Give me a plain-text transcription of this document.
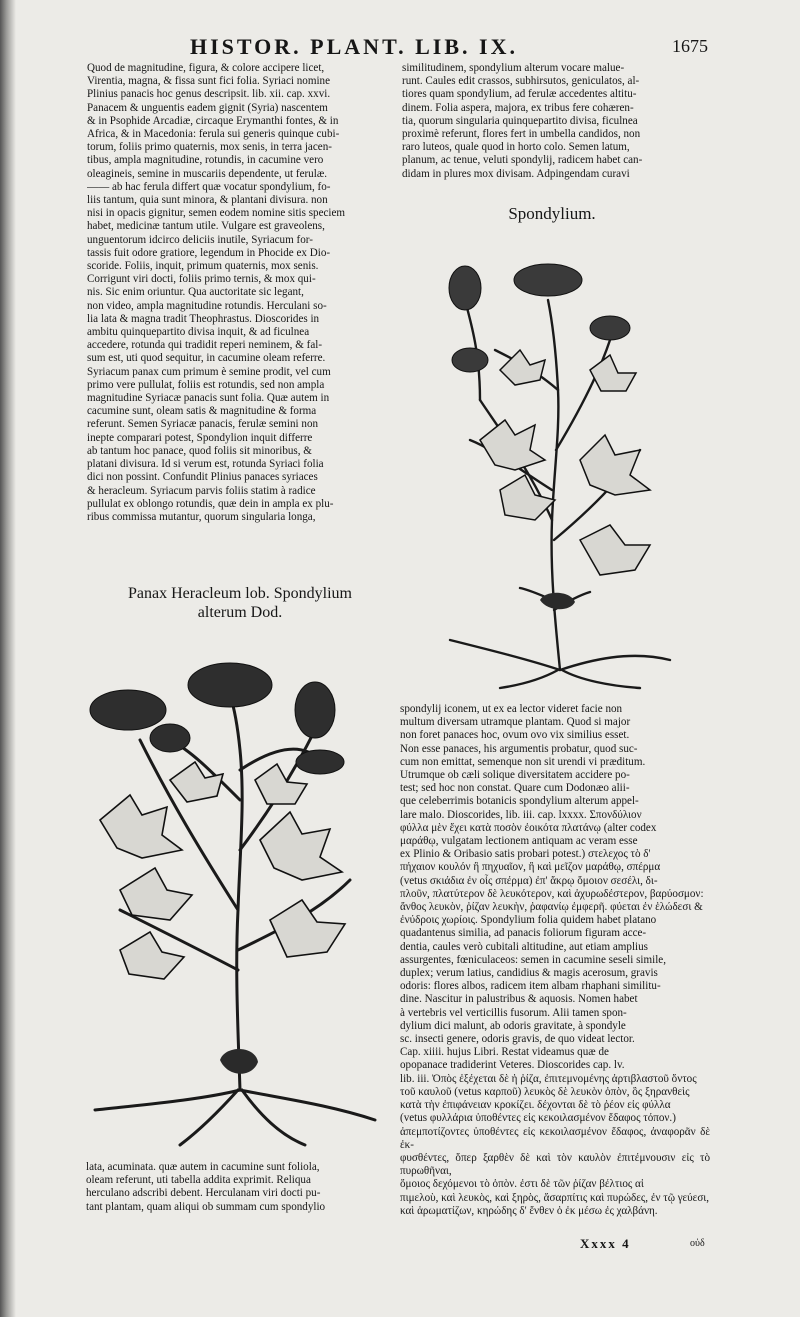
HISTOR. PLANT. LIB. IX.	1675
Quod de magnitudine, figura, & colore accipere licet,
Virentia, magna, & fissa sunt fici folia. Syriaci nomine
Plinius panacis hoc genus descripsit. lib. xii. cap. xxvi.
Panacem & unguentis eadem gignit (Syria) nascentem
& in Psophide Arcadiæ, circaque Erymanthi fontes, & in
Africa, & in Macedonia: ferula sui generis quinque cubi-
torum, foliis primo quaternis, mox senis, in terra jacen-
tibus, ampla magnitudine, rotundis, in cacumine vero
oleagineis, semine in muscariis dependente, ut ferulæ.
—— ab hac ferula differt quæ vocatur spondylium, fo-
liis tantum, quia sunt minora, & plantani divisura. non
nisi in opacis gignitur, semen eodem nomine sitis speciem
habet, medicinæ tantum utile. Vulgare est graveolens,
unguentorum idcirco deliciis inutile, Syriacum for-
tassis fuit odore gratiore, legendum in Phocide ex Dio-
scoride. Foliis, inquit, primum quaternis, mox senis.
Corrigunt viri docti, foliis primo ternis, & mox qui-
nis. Sic enim oriuntur. Qua auctoritate sic legant,
non video, ampla magnitudine rotundis. Herculani so-
lia lata & magna tradit Theophrastus. Dioscorides in
ambitu quinquepartito divisa inquit, & ad ficulnea
accedere, rotunda qui tradidit reperi neminem, & fal-
sum est, uti quod sequitur, in cacumine oleam referre.
Syriacum panax cum primum è semine prodit, vel cum
primo vere pullulat, foliis est rotundis, sed non ampla
magnitudine Syriacæ panacis sunt folia. Quæ autem in
cacumine sunt, oleam satis & magnitudine & forma
referunt. Semen Syriacæ panacis, ferulæ semini non
inepte comparari potest, Spondylion inquit differre
ab tantum hoc panace, quod foliis sit minoribus, &
platani divisura. Id si verum est, rotunda Syriaci folia
dici non possint. Confundit Plinius panaces syriaces
& heracleum. Syriacum parvis foliis statim à radice
pullulat ex oblongo rotundis, quæ dein in ampla ex plu-
ribus commissa mutantur, quorum singularia longa,
similitudinem, spondylium alterum vocare malue-
runt. Caules edit crassos, subhirsutos, geniculatos, al-
tiores quam spondylium, ad ferulæ accedentes altitu-
dinem. Folia aspera, majora, ex tribus fere cohæren-
tia, quorum singularia quinquepartito divisa, ficulnea
proximè referunt, flores fert in umbella candidos, non
raro luteos, quale quod in horto colo. Semen latum,
planum, ac tenue, veluti spondylij, radicem habet can-
didam in plures mox divisam. Adpingendam curavi
Spondylium.
Panax Heracleum lob. Spondylium
alterum Dod.
spondylij iconem, ut ex ea lector videret facie non
multum diversam utramque plantam. Quod si major
non foret panaces hoc, ovum ovo vix similius esset.
Non esse panaces, his argumentis probatur, quod suc-
cum non emittat, semenque non sit urendi vi præditum.
Utrumque ob cæli solique diversitatem accidere po-
test; sed hoc non constat. Quare cum Dodonæo alii-
que celeberrimis botanicis spondylium alterum appel-
lare malo. Dioscorides, lib. iii. cap. lxxxx. Σπονδύλιον
φύλλα μὲν ἔχει κατὰ ποσὸν ἐοικότα πλατάνῳ (alter codex
μαράθῳ, vulgatam lectionem antiquam ac veram esse
ex Plinio & Oribasio satis probari potest.) στελεχος τὸ δ'
πήχαιον κουλόν ἢ πηχυαῖον, ἢ καὶ μεῖζον μαράθῳ, σπέρμα
(vetus σκιάδια ἐν οἷς σπέρμα) ἐπ' ἄκρῳ ὅμοιον σεσέλι, δι-
πλοῦν, πλατύτερον δὲ λευκότερον, καὶ ἀχυρωδέστερον, βαρύοσμον:
ἄνθος λευκὸν, ῥίζαν λευκὴν, ῥαφανίῳ ἐμφερῆ. φύεται ἐν ἑλώδεσι &
ἐνύδροις χωρίοις. Spondylium folia quidem habet platano
quadantenus similia, ad panacis foliorum figuram acce-
dentia, caules verò cubitali altitudine, aut etiam amplius
assurgentes, fœniculaceos: semen in cacumine seseli simile,
duplex; verum latius, candidius & magis acerosum, gravis
odoris: flores albos, radicem item albam rhaphani similitu-
dine. Nascitur in palustribus & aquosis. Nomen habet
à vertebris vel verticillis fusorum. Alii tamen spon-
dylium dici malunt, ab odoris gravitate, à spondyle
sc. insecti genere, odoris gravis, de quo videat lector.
Cap. xiiii. hujus Libri. Restat videamus quæ de
opopanace tradiderint Veteres. Dioscorides cap. lv.
lib. iii. Ὀπὸς ἐξέχεται δὲ ἡ ῥίζα, ἐπιτεμνομένης ἀρτιβλαστοῦ ὄντος
τοῦ καυλοῦ (vetus καρποῦ) λευκὸς δὲ λευκὸν ὀπὸν, ὃς ξηρανθεὶς
κατὰ τὴν ἐπιφάνειαν κροκίζει. δέχονται δὲ τὸ ῥέον εἰς φύλλα
(vetus φυλλάρια ὑποθέντες εἰς κεκοιλασμένον ἔδαφος τόπον.)
ἀπεμποτίζοντες ὑποθέντες εἰς κεκοιλασμένον ἔδαφος, ἀναφορᾶν δὲ ἐκ-
φυσθέντες, ὅπερ ξαρθὲν δὲ καὶ τὸν καυλὸν ἐπιτέμνουσιν εἰς τὸ πυρωθῆναι,
ὅμοιος δεχόμενοι τὸ ὀπὸν. ἐστι δὲ τῶν ῥίζαν βέλτιος αἱ
πιμελοὺ, καὶ λευκὸς, καὶ ξηρὸς, ἄσαρπίτις καὶ πυρώδες, ἐν τῷ γεύεσι,
καὶ ἀρωματίζων, κηρώδης δ' ἔνθεν ὁ ἐκ μέσω ἐς χαλβάνη.
lata, acuminata. quæ autem in cacumine sunt foliola,
oleam referunt, uti tabella addita exprimit. Reliqua
herculano adscribi debent. Herculanam viri docti pu-
tant plantam, quam aliqui ob summam cum spondylio
Xxxx 4	οὐδ
